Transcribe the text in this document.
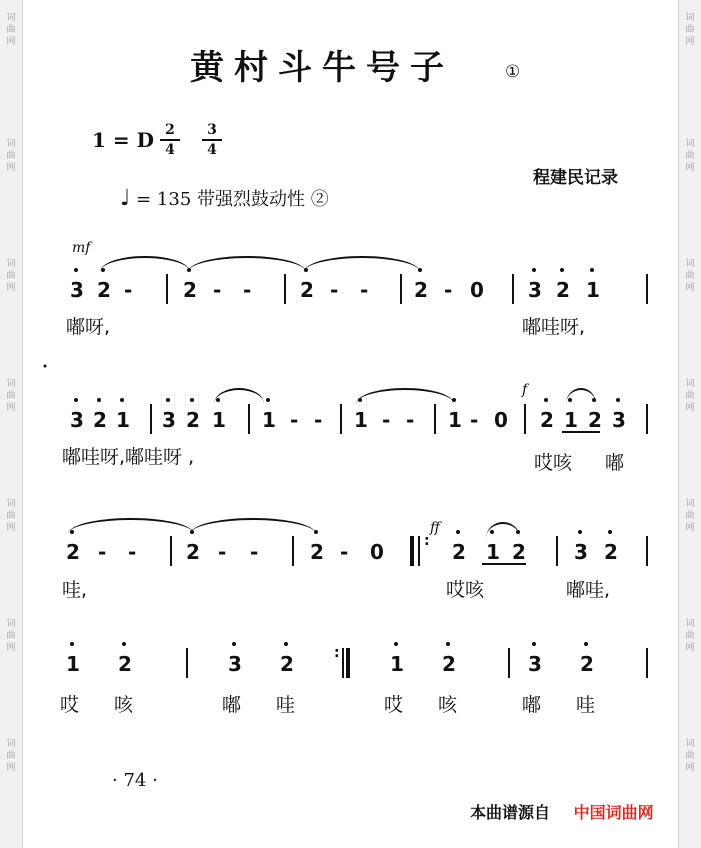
词曲网
词曲网
词曲网
词曲网
词曲网
词曲网
词曲网
词曲网
词曲网
词曲网
词曲网
词曲网
词曲网
词曲网
黄村斗牛号子	①
1 = D 2
4
3
4
程建民记录
♩ = 135 带强烈鼓动性 ②
mf
f
ff
3 2 -	2 - - 2 - - 2 - 0 3 2 1
嘟呀,	嘟哇呀,
3 2 1 3 2 1 1 - - 1 - - 1 - 0 2 1 2 3
嘟哇呀,嘟哇呀 ,	哎咳 嘟
2 - - 2 - -	2 - 0	: 2 1 2 3 2
哇,	哎咳	嘟哇,
1 2	3 2	:	1 2	3 2
哎 咳	嘟 哇	哎 咳	嘟 哇
· 74 ·
本曲谱源自 中国词曲网
